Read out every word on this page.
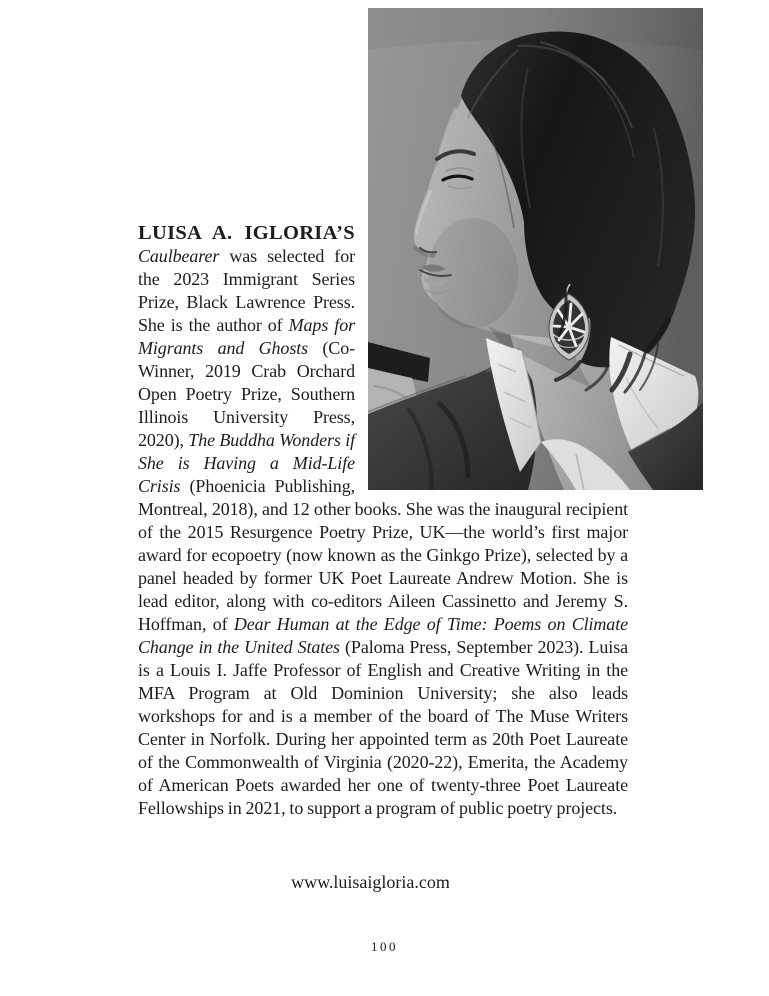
LUISA A. IGLORIA’S Caulbearer was selected for the 2023 Immigrant Series Prize, Black Lawrence Press. She is the author of Maps for Migrants and Ghosts (Co-Winner, 2019 Crab Orchard Open Poetry Prize, Southern Illinois University Press, 2020), The Buddha Wonders if She is Having a Mid-Life Crisis (Phoenicia Publishing, Montreal, 2018), and 12 other books. She was the inaugural recipient of the 2015 Resurgence Poetry Prize, UK—the world’s first major award for ecopoetry (now known as the Ginkgo Prize), selected by a panel headed by former UK Poet Laureate Andrew Motion. She is lead editor, along with co-editors Aileen Cassinetto and Jeremy S. Hoffman, of Dear Human at the Edge of Time: Poems on Climate Change in the United States (Paloma Press, September 2023). Luisa is a Louis I. Jaffe Professor of English and Creative Writing in the MFA Program at Old Dominion University; she also leads workshops for and is a member of the board of The Muse Writers Center in Norfolk. During her appointed term as 20th Poet Laureate of the Commonwealth of Virginia (2020-22), Emerita, the Academy of American Poets awarded her one of twenty-three Poet Laureate Fellowships in 2021, to support a program of public poetry projects.

www.luisaigloria.com
100
